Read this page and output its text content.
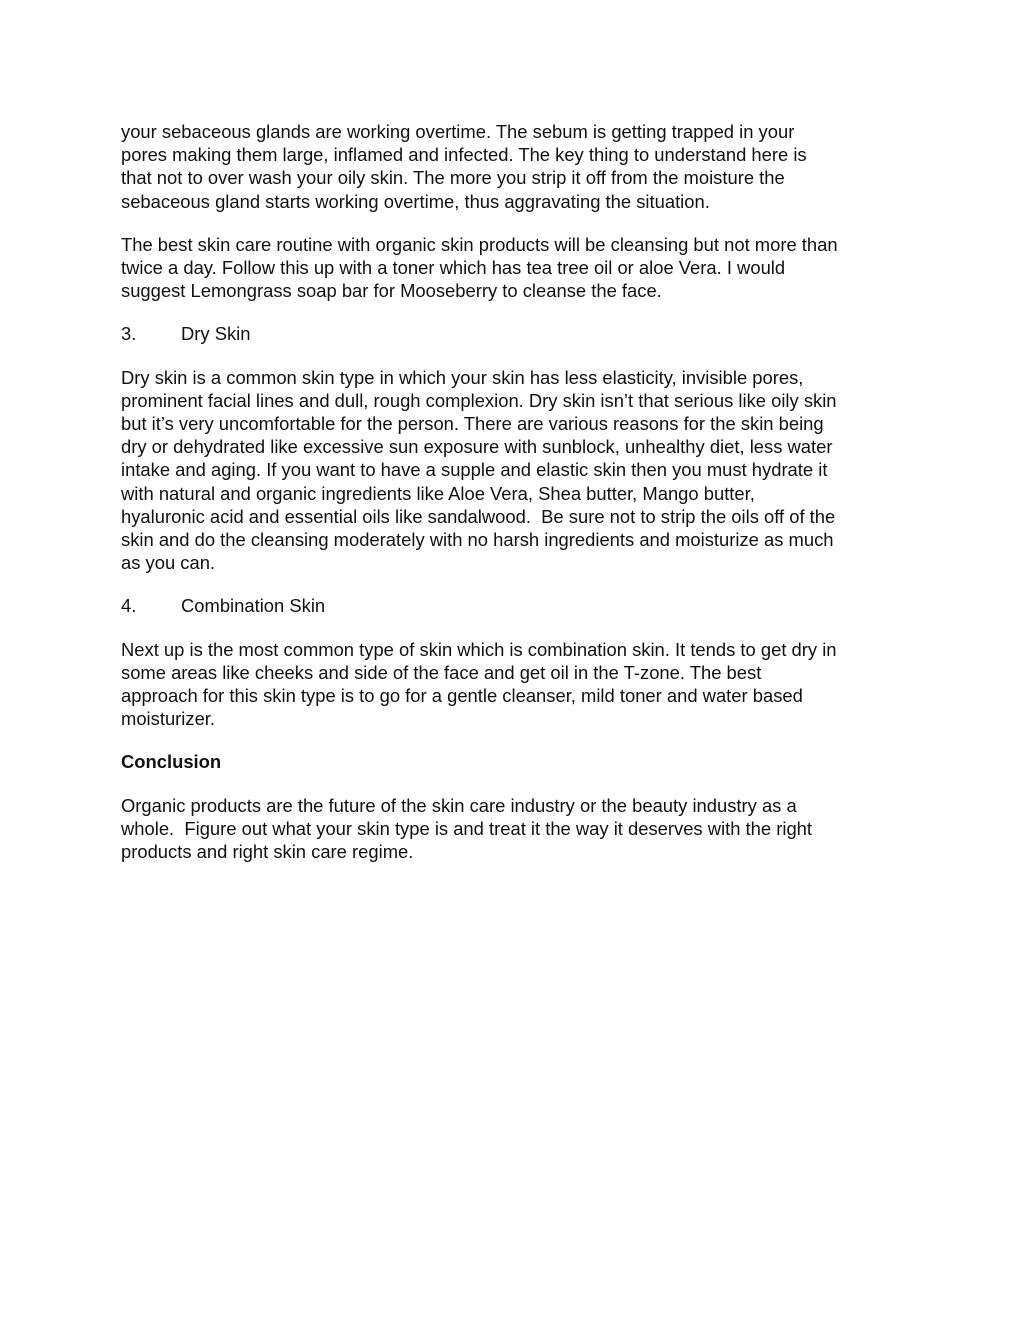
your sebaceous glands are working overtime. The sebum is getting trapped in your
pores making them large, inflamed and infected. The key thing to understand here is
that not to over wash your oily skin. The more you strip it off from the moisture the
sebaceous gland starts working overtime, thus aggravating the situation.
The best skin care routine with organic skin products will be cleansing but not more than
twice a day. Follow this up with a toner which has tea tree oil or aloe Vera. I would
suggest Lemongrass soap bar for Mooseberry to cleanse the face.
3. Dry Skin
Dry skin is a common skin type in which your skin has less elasticity, invisible pores,
prominent facial lines and dull, rough complexion. Dry skin isn’t that serious like oily skin
but it’s very uncomfortable for the person. There are various reasons for the skin being
dry or dehydrated like excessive sun exposure with sunblock, unhealthy diet, less water
intake and aging. If you want to have a supple and elastic skin then you must hydrate it
with natural and organic ingredients like Aloe Vera, Shea butter, Mango butter,
hyaluronic acid and essential oils like sandalwood.  Be sure not to strip the oils off of the
skin and do the cleansing moderately with no harsh ingredients and moisturize as much
as you can.
4. Combination Skin
Next up is the most common type of skin which is combination skin. It tends to get dry in
some areas like cheeks and side of the face and get oil in the T-zone. The best
approach for this skin type is to go for a gentle cleanser, mild toner and water based
moisturizer.
Conclusion
Organic products are the future of the skin care industry or the beauty industry as a
whole.  Figure out what your skin type is and treat it the way it deserves with the right
products and right skin care regime.
